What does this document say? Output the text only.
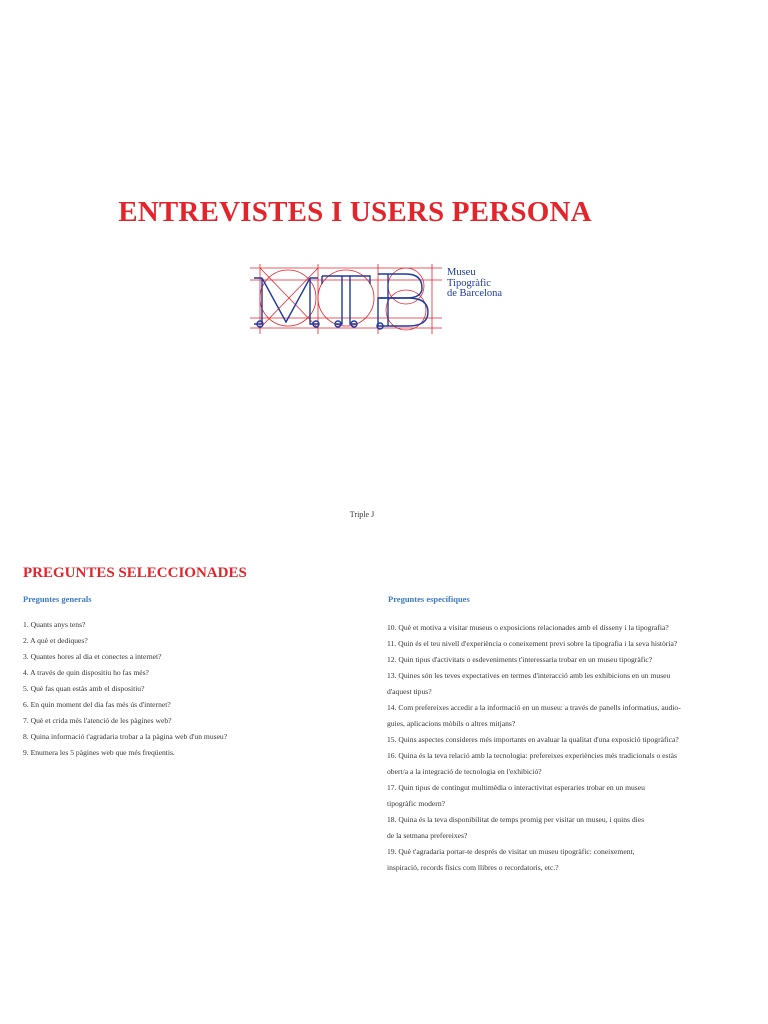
ENTREVISTES I USERS PERSONA
Museu
Tipogràfic
de Barcelona
Triple J
PREGUNTES SELECCIONADES
Preguntes generals	Preguntes específiques
1. Quants anys tens?
2. A què et dediques?
3. Quantes hores al dia et conectes a internet?
4. A través de quin dispositiu ho fas més?
5. Què fas quan estàs amb el dispositiu?
6. En quin moment del dia fas més ús d'internet?
7. Què et crida més l'atenció de les pàgines web?
8. Quina informació t'agradaria trobar a la pàgina web d'un museu?
9. Enumera les 5 pàgines web que més freqüentis.
10. Què et motiva a visitar museus o exposicions relacionades amb el disseny i la tipografia?
11. Quin és el teu nivell d'experiència o coneixement previ sobre la tipografia i la seva història?
12. Quin tipus d'activitats o esdeveniments t'interessaria trobar en un museu tipogràfic?
13. Quines són les teves expectatives en termes d'interacció amb les exhibicions en un museu
d'aquest tipus?
14. Com prefereixes accedir a la informació en un museu: a través de panells informatius, audio-
guies, aplicacions mòbils o altres mitjans?
15. Quins aspectes consideres més importants en avaluar la qualitat d'una exposició tipogràfica?
16. Quina és la teva relació amb la tecnologia: prefereixes experiències més tradicionals o estàs
obert/a a la integració de tecnologia en l'exhibició?
17. Quin tipus de contingut multimèdia o interactivitat esperaries trobar en un museu
tipogràfic modern?
18. Quina és la teva disponibilitat de temps promig per visitar un museu, i quins dies
de la setmana prefereixes?
19. Què t'agradaria portar-te després de visitar un museu tipogràfic: coneixement,
inspiració, records físics com llibres o recordatoris, etc.?
